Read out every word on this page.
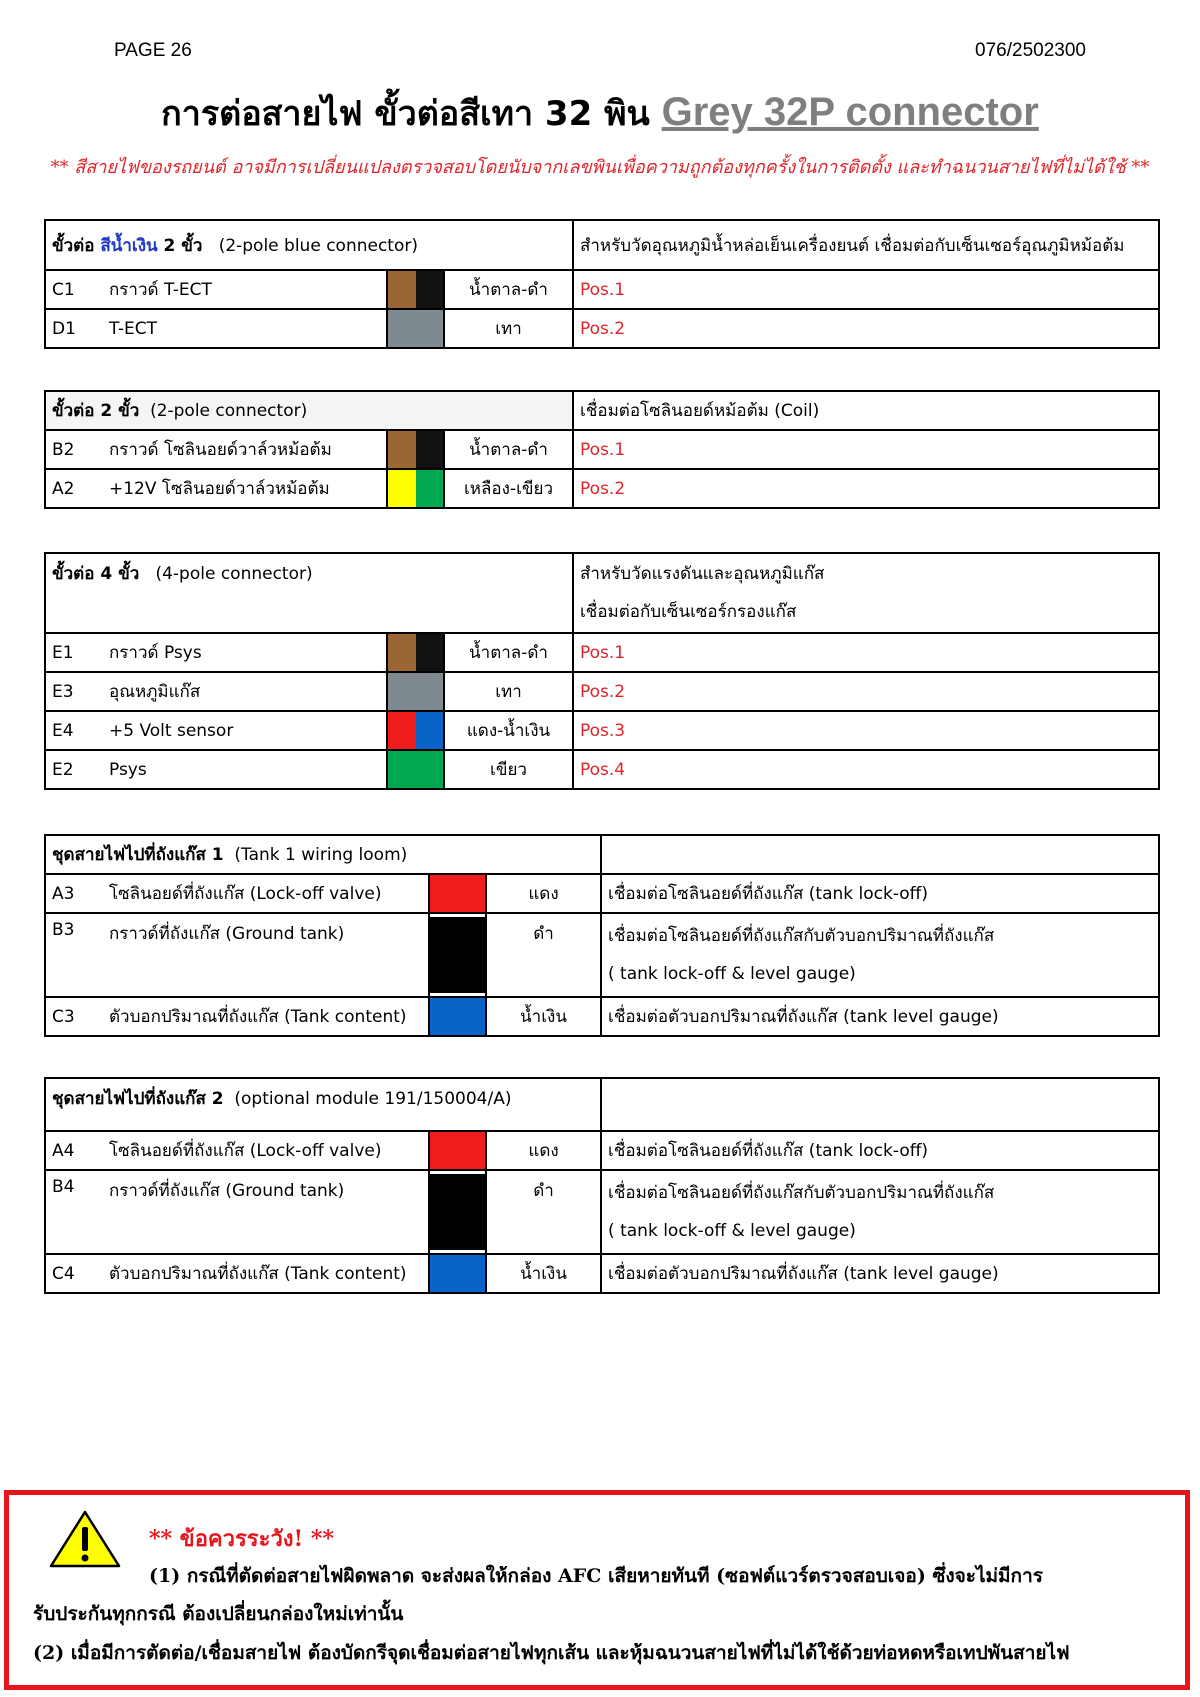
PAGE 26	076/2502300
การต่อสายไฟ ขั้วต่อสีเทา 32 พิน Grey 32P connector
** สีสายไฟของรถยนต์ อาจมีการเปลี่ยนแปลงตรวจสอบโดยนับจากเลขพินเพื่อความถูกต้องทุกครั้งในการติดตั้ง และทำฉนวนสายไฟที่ไม่ได้ใช้ **
ขั้วต่อ สีน้ำเงิน 2 ขั้ว (2-pole blue connector)				สำหรับวัดอุณหภูมิน้ำหล่อเย็นเครื่องยนต์ เชื่อมต่อกับเซ็นเซอร์อุณภูมิหม้อต้ม
C1	กราวด์ T-ECT		น้ำตาล-ดำ	Pos.1
D1	T-ECT		เทา	Pos.2
ขั้วต่อ 2 ขั้ว (2-pole connector)				เชื่อมต่อโซลินอยด์หม้อต้ม (Coil)
B2	กราวด์ โซลินอยด์วาล์วหม้อต้ม		น้ำตาล-ดำ	Pos.1
A2	+12V โซลินอยด์วาล์วหม้อต้ม		เหลือง-เขียว	Pos.2
ขั้วต่อ 4 ขั้ว (4-pole connector)				สำหรับวัดแรงดันและอุณหภูมิแก๊ส
เชื่อมต่อกับเซ็นเซอร์กรองแก๊ส

E1	กราวด์ Psys		น้ำตาล-ดำ	Pos.1
E3	อุณหภูมิแก๊ส		เทา	Pos.2
E4	+5 Volt sensor		แดง-น้ำเงิน	Pos.3
E2	Psys		เขียว	Pos.4
ชุดสายไฟไปที่ถังแก๊ส 1 (Tank 1 wiring loom)				
A3	โซลินอยด์ที่ถังแก๊ส (Lock-off valve)		แดง	เชื่อมต่อโซลินอยด์ที่ถังแก๊ส (tank lock-off)
B3	กราวด์ที่ถังแก๊ส (Ground tank)		ดำ	เชื่อมต่อโซลินอยด์ที่ถังแก๊สกับตัวบอกปริมาณที่ถังแก๊ส
( tank lock-off & level gauge)

C3	ตัวบอกปริมาณที่ถังแก๊ส (Tank content)		น้ำเงิน	เชื่อมต่อตัวบอกปริมาณที่ถังแก๊ส (tank level gauge)
ชุดสายไฟไปที่ถังแก๊ส 2 (optional module 191/150004/A)				
A4	โซลินอยด์ที่ถังแก๊ส (Lock-off valve)		แดง	เชื่อมต่อโซลินอยด์ที่ถังแก๊ส (tank lock-off)
B4	กราวด์ที่ถังแก๊ส (Ground tank)		ดำ	เชื่อมต่อโซลินอยด์ที่ถังแก๊สกับตัวบอกปริมาณที่ถังแก๊ส
( tank lock-off & level gauge)

C4	ตัวบอกปริมาณที่ถังแก๊ส (Tank content)		น้ำเงิน	เชื่อมต่อตัวบอกปริมาณที่ถังแก๊ส (tank level gauge)
** ข้อควรระวัง! **
(1) กรณีที่ตัดต่อสายไฟผิดพลาด จะส่งผลให้กล่อง AFC เสียหายทันที (ซอฟต์แวร์ตรวจสอบเจอ) ซึ่งจะไม่มีการ
รับประกันทุกกรณี ต้องเปลี่ยนกล่องใหม่เท่านั้น
(2) เมื่อมีการตัดต่อ/เชื่อมสายไฟ ต้องบัดกรีจุดเชื่อมต่อสายไฟทุกเส้น และหุ้มฉนวนสายไฟที่ไม่ได้ใช้ด้วยท่อหดหรือเทปพันสายไฟ
